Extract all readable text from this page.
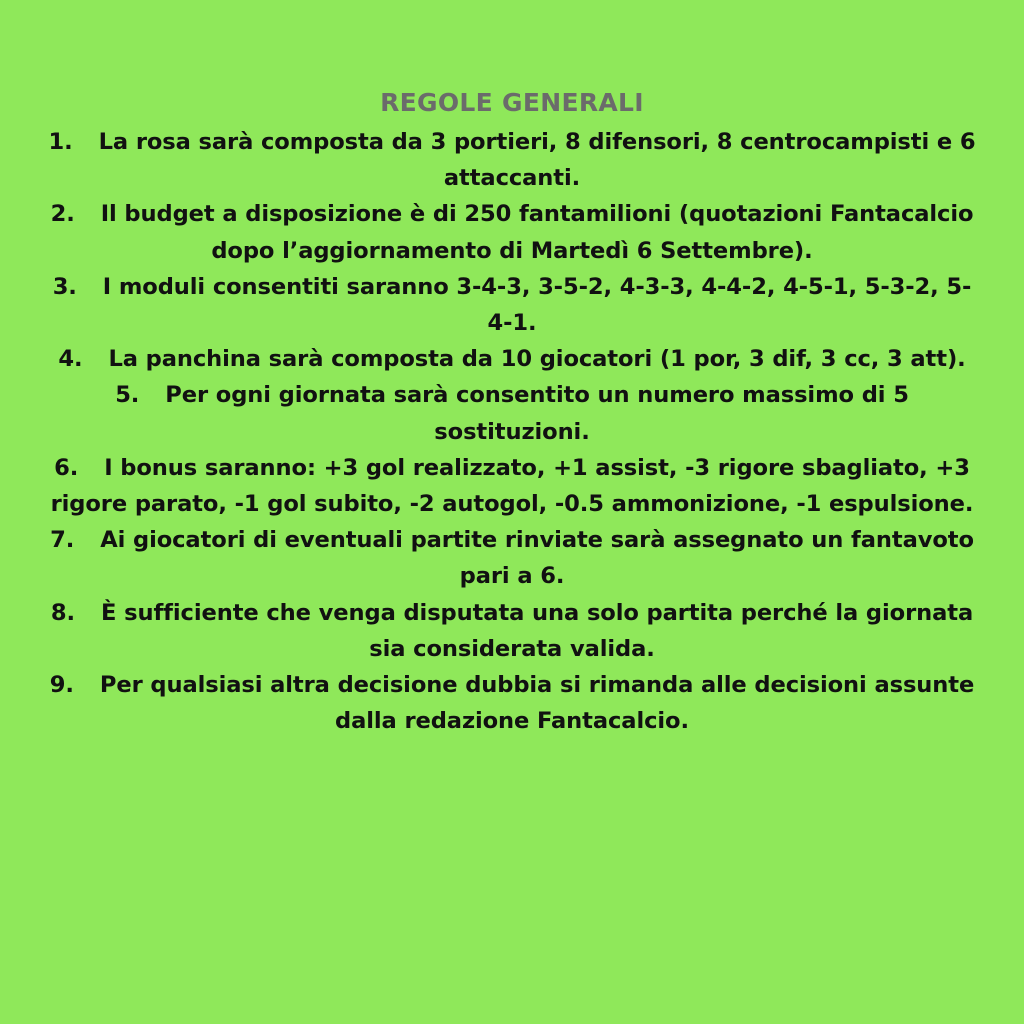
REGOLE GENERALI
1. La rosa sarà composta da 3 portieri, 8 difensori, 8 centrocampisti e 6 attaccanti.
2. Il budget a disposizione è di 250 fantamilioni (quotazioni Fantacalcio dopo l’aggiornamento di Martedì 6 Settembre).
3. I moduli consentiti saranno 3-4-3, 3-5-2, 4-3-3, 4-4-2, 4-5-1, 5-3-2, 5-4-1.
4. La panchina sarà composta da 10 giocatori (1 por, 3 dif, 3 cc, 3 att).
5. Per ogni giornata sarà consentito un numero massimo di 5 sostituzioni.
6. I bonus saranno: +3 gol realizzato, +1 assist, -3 rigore sbagliato, +3 rigore parato, -1 gol subito, -2 autogol, -0.5 ammonizione, -1 espulsione.
7. Ai giocatori di eventuali partite rinviate sarà assegnato un fantavoto pari a 6.
8. È sufficiente che venga disputata una solo partita perché la giornata sia considerata valida.
9. Per qualsiasi altra decisione dubbia si rimanda alle decisioni assunte dalla redazione Fantacalcio.
